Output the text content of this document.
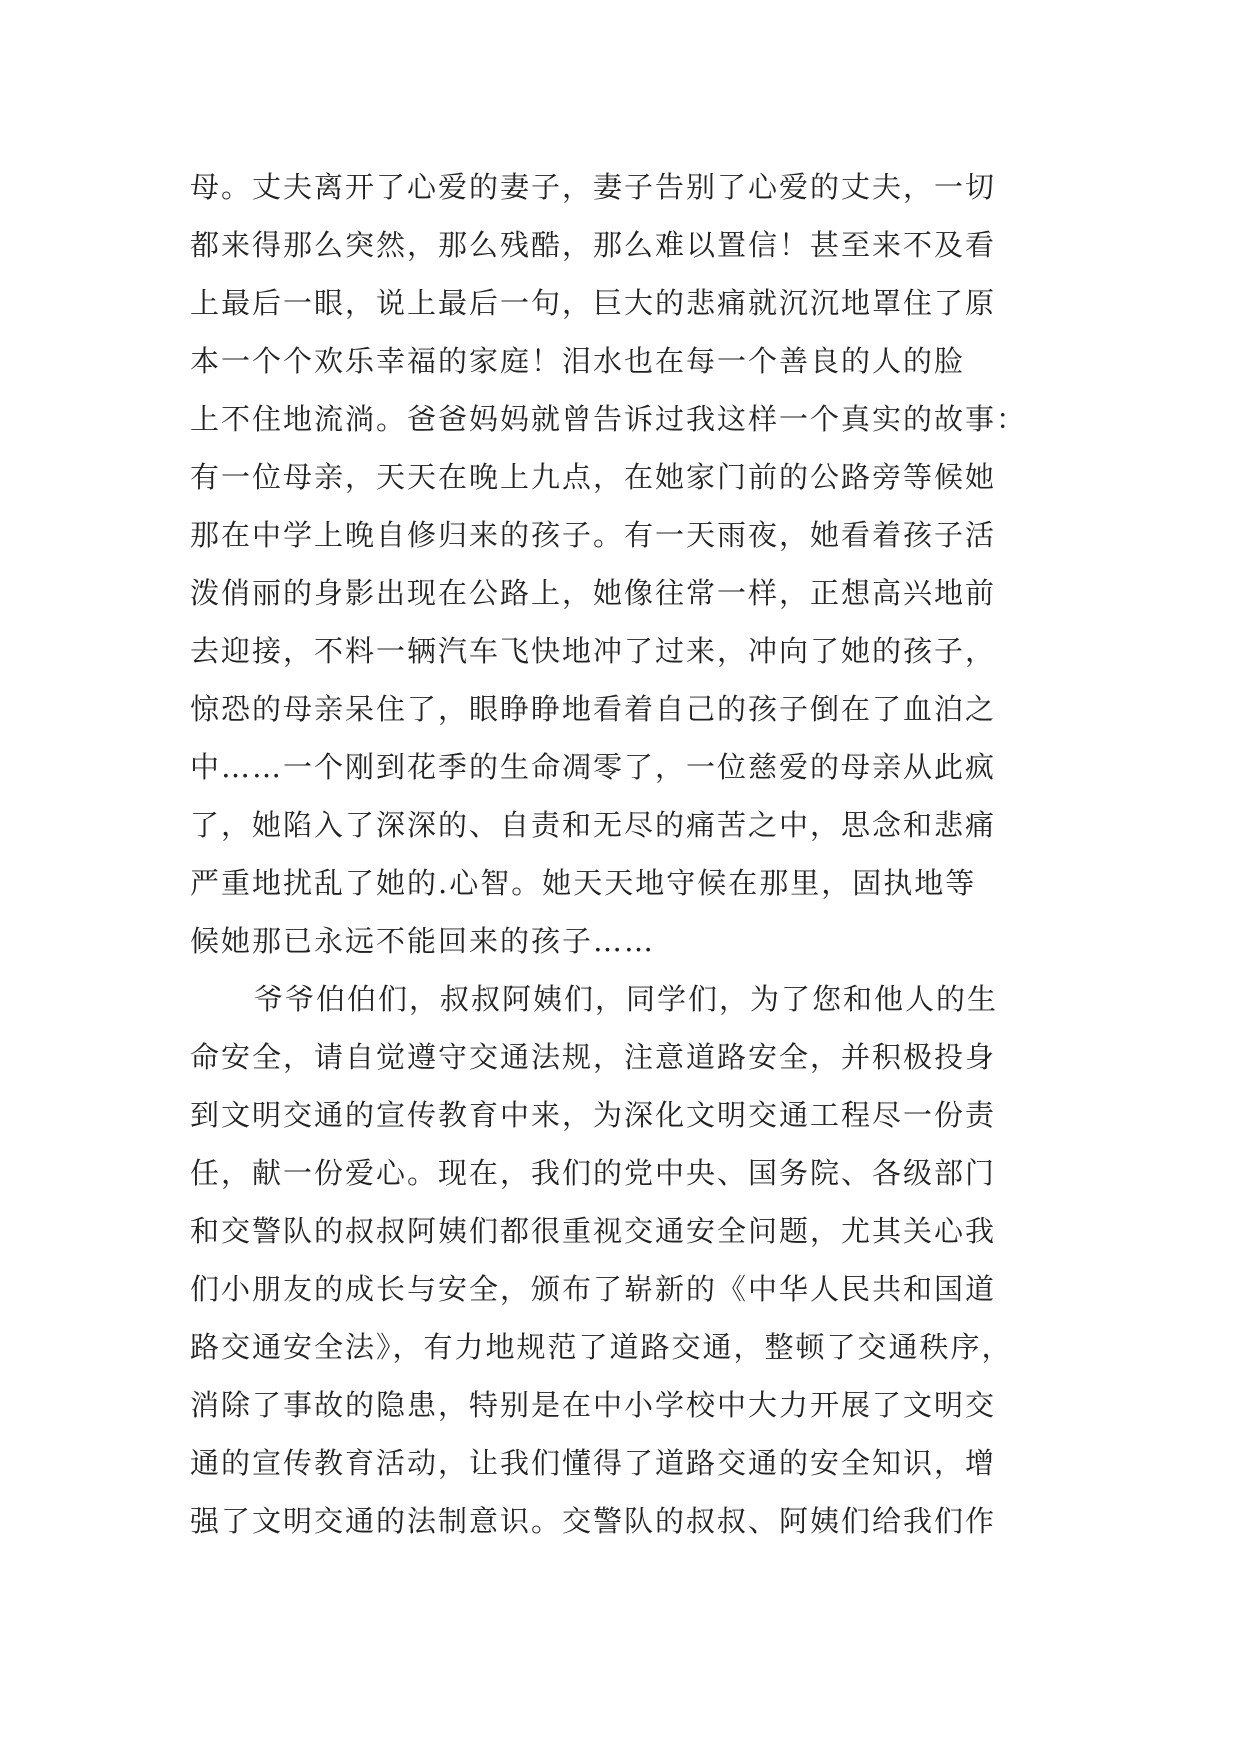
母。丈夫离开了心爱的妻子，妻子告别了心爱的丈夫，一切
都来得那么突然，那么残酷，那么难以置信！甚至来不及看
上最后一眼，说上最后一句，巨大的悲痛就沉沉地罩住了原
本一个个欢乐幸福的家庭！泪水也在每一个善良的人的脸
上不住地流淌。爸爸妈妈就曾告诉过我这样一个真实的故事：
有一位母亲，天天在晚上九点，在她家门前的公路旁等候她
那在中学上晚自修归来的孩子。有一天雨夜，她看着孩子活
泼俏丽的身影出现在公路上，她像往常一样，正想高兴地前
去迎接，不料一辆汽车飞快地冲了过来，冲向了她的孩子，
惊恐的母亲呆住了，眼睁睁地看着自己的孩子倒在了血泊之
中……一个刚到花季的生命凋零了，一位慈爱的母亲从此疯
了，她陷入了深深的、自责和无尽的痛苦之中，思念和悲痛
严重地扰乱了她的.心智。她天天地守候在那里，固执地等
候她那已永远不能回来的孩子……
爷爷伯伯们，叔叔阿姨们，同学们，为了您和他人的生
命安全，请自觉遵守交通法规，注意道路安全，并积极投身
到文明交通的宣传教育中来，为深化文明交通工程尽一份责
任，献一份爱心。现在，我们的党中央、国务院、各级部门
和交警队的叔叔阿姨们都很重视交通安全问题，尤其关心我
们小朋友的成长与安全，颁布了崭新的《中华人民共和国道
路交通安全法》，有力地规范了道路交通，整顿了交通秩序，
消除了事故的隐患，特别是在中小学校中大力开展了文明交
通的宣传教育活动，让我们懂得了道路交通的安全知识，增
强了文明交通的法制意识。交警队的叔叔、阿姨们给我们作
